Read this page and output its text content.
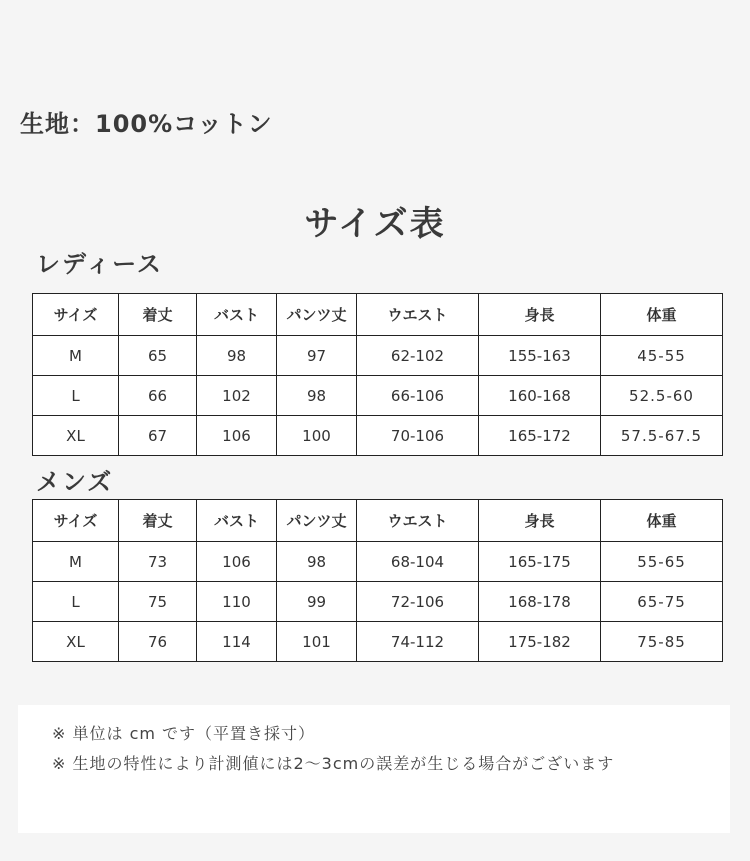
生地：100%コットン
サイズ表
レディース
サイズ	着丈	バスト	パンツ丈	ウエスト	身長	体重
M	65	98	97	62-102	155-163	45-55
L	66	102	98	66-106	160-168	52.5-60
XL	67	106	100	70-106	165-172	57.5-67.5
メンズ
サイズ	着丈	バスト	パンツ丈	ウエスト	身長	体重
M	73	106	98	68-104	165-175	55-65
L	75	110	99	72-106	168-178	65-75
XL	76	114	101	74-112	175-182	75-85
※ 単位は cm です（平置き採寸）
※ 生地の特性により計測値には2～3cmの誤差が生じる場合がございます
